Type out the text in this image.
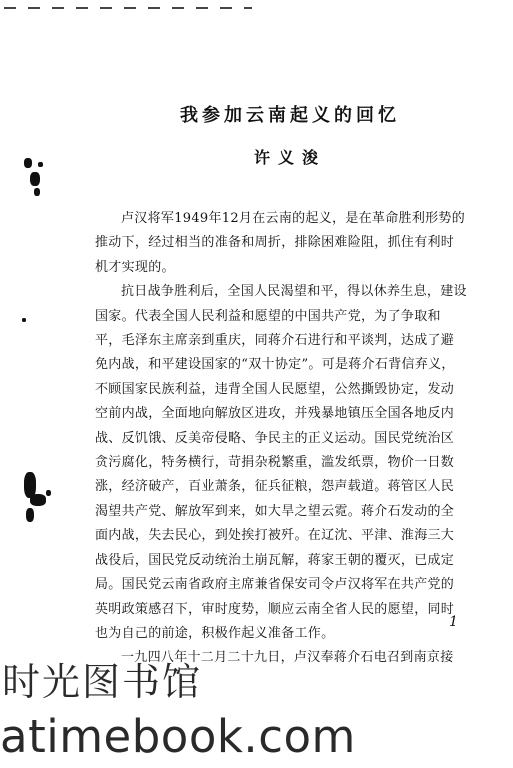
我参加云南起义的回忆
许义浚

卢汉将军1949年12月在云南的起义，是在革命胜利形势的推动下，经过相当的准备和周折，排除困难险阻，抓住有利时机才实现的。

抗日战争胜利后，全国人民渴望和平，得以休养生息，建设国家。代表全国人民利益和愿望的中国共产党，为了争取和平，毛泽东主席亲到重庆，同蒋介石进行和平谈判，达成了避免内战，和平建设国家的“双十协定”。可是蒋介石背信弃义，不顾国家民族利益，违背全国人民愿望，公然撕毁协定，发动空前内战，全面地向解放区进攻，并残暴地镇压全国各地反内战、反饥饿、反美帝侵略、争民主的正义运动。国民党统治区贪污腐化，特务横行，苛捐杂税繁重，滥发纸票，物价一日数涨，经济破产，百业萧条，征兵征粮，怨声载道。蒋管区人民渴望共产党、解放军到来，如大旱之望云霓。蒋介石发动的全面内战，失去民心，到处挨打被歼。在辽沈、平津、淮海三大战役后，国民党反动统治土崩瓦解，蒋家王朝的覆灭，已成定局。国民党云南省政府主席兼省保安司令卢汉将军在共产党的英明政策感召下，审时度势，顺应云南全省人民的愿望，同时也为自己的前途，积极作起义准备工作。

一九四八年十二月二十九日，卢汉奉蒋介石电召到南京接

1
时光图书馆
atimebook.com
